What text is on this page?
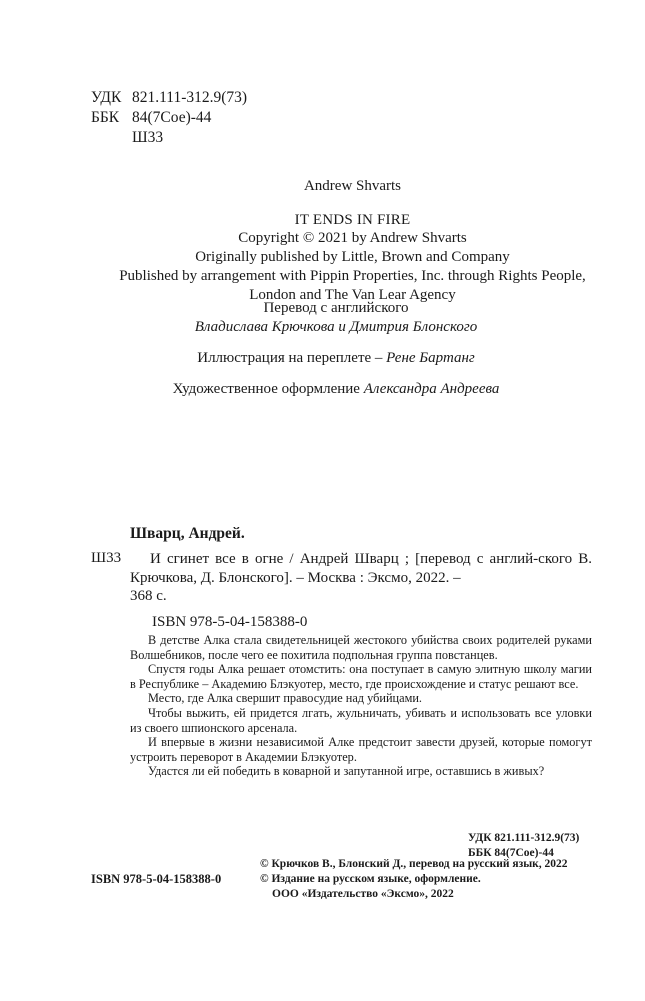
УДК 821.111-312.9(73)
ББК 84(7Сое)-44
Ш33
Andrew Shvarts
IT ENDS IN FIRE
Copyright © 2021 by Andrew Shvarts
Originally published by Little, Brown and Company
Published by arrangement with Pippin Properties, Inc. through Rights People,
London and The Van Lear Agency
Перевод с английского
Владислава Крючкова и Дмитрия Блонского
Иллюстрация на переплете – Рене Бартанг
Художественное оформление Александра Андреева
Шварц, Андрей.
Ш33	И сгинет все в огне / Андрей Шварц ; [перевод с англий-ского В. Крючкова, Д. Блонского]. – Москва : Эксмо, 2022. –
368 с.
ISBN 978-5-04-158388-0

В детстве Алка стала свидетельницей жестокого убийства своих родителей руками Волшебников, после чего ее похитила подпольная группа повстанцев.

Спустя годы Алка решает отомстить: она поступает в самую элитную школу магии в Республике – Академию Блэкуотер, место, где происхождение и статус решают все.

Место, где Алка свершит правосудие над убийцами.

Чтобы выжить, ей придется лгать, жульничать, убивать и использовать все уловки из своего шпионского арсенала.

И впервые в жизни независимой Алке предстоит завести друзей, которые помогут устроить переворот в Академии Блэкуотер.

Удастся ли ей победить в коварной и запутанной игре, оставшись в живых?

УДК 821.111-312.9(73)
ББК 84(7Сое)-44
© Крючков В., Блонский Д., перевод на русский язык, 2022
© Издание на русском языке, оформление.
ООО «Издательство «Эксмо», 2022
ISBN 978-5-04-158388-0
